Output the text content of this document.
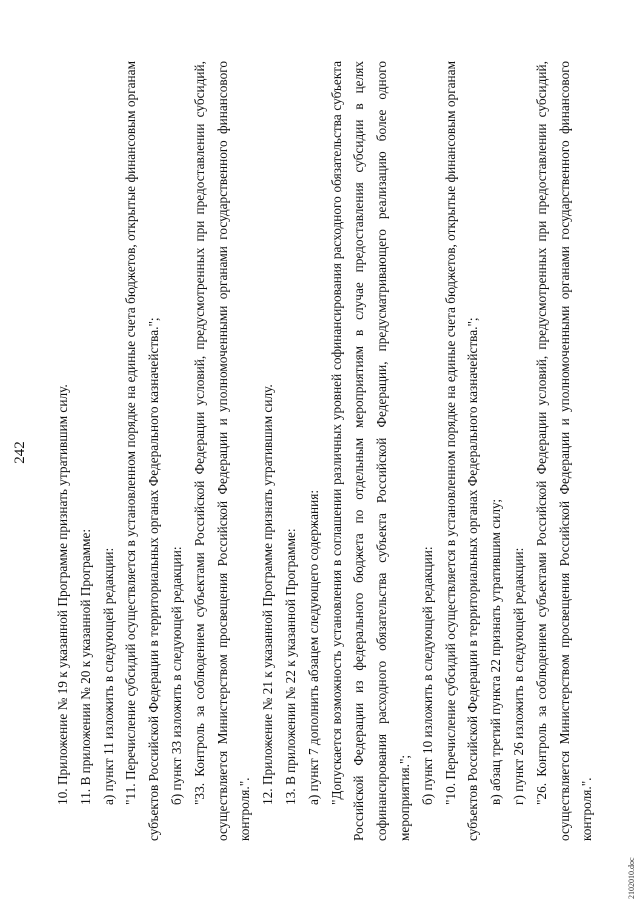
242 10. Приложение № 19 к указанной Программе признать утратившим силу. 11. В приложении № 20 к указанной Программе: а) пункт 11 изложить в следующей редакции: "11. Перечисление субсидий осуществляется в установленном порядке на единые счета бюджетов, открытые финансовым органам субъектов Российской Федерации в территориальных органах Федерального казначейства."; б) пункт 33 изложить в следующей редакции: "33. Контроль за соблюдением субъектами Российской Федерации условий, предусмотренных при предоставлении субсидий, осуществляется Министерством просвещения Российской Федерации и уполномоченными органами государственного финансового контроля.".

12. Приложение № 21 к указанной Программе признать утратившим силу. 13. В приложении № 22 к указанной Программе: а) пункт 7 дополнить абзацем следующего содержания: "Допускается возможность установления в соглашении различных уровней софинансирования расходного обязательства субъекта Российской Федерации из федерального бюджета по отдельным мероприятиям в случае предоставления субсидии в целях софинансирования расходного обязательства субъекта Российской Федерации, предусматривающего реализацию более одного мероприятия."; б) пункт 10 изложить в следующей редакции: "10. Перечисление субсидий осуществляется в установленном порядке на единые счета бюджетов, открытые финансовым органам субъектов Российской Федерации в территориальных органах Федерального казначейства."; в) абзац третий пункта 22 признать утратившим силу; г) пункт 26 изложить в следующей редакции: "26. Контроль за соблюдением субъектами Российской Федерации условий, предусмотренных при предоставлении субсидий, осуществляется Министерством просвещения Российской Федерации и уполномоченными органами государственного финансового контроля.".

2102010.doc
